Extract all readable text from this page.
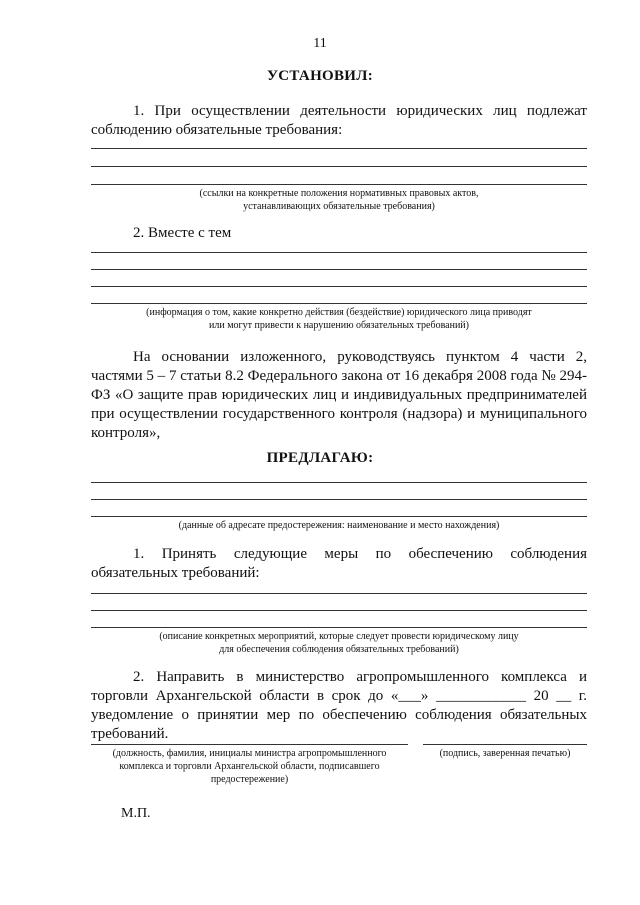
11
УСТАНОВИЛ:
1. При осуществлении деятельности юридических лиц подлежат соблюдению обязательные требования:
(ссылки на конкретные положения нормативных правовых актов,
устанавливающих обязательные требования)
2. Вместе с тем
(информация о том, какие конкретно действия (бездействие) юридического лица приводят
или могут привести к нарушению обязательных требований)
На основании изложенного, руководствуясь пунктом 4 части 2, частями 5 – 7 статьи 8.2 Федерального закона от 16 декабря 2008 года № 294-ФЗ «О защите прав юридических лиц и индивидуальных предпринимателей при осуществлении государственного контроля (надзора) и муниципального контроля»,
ПРЕДЛАГАЮ:
(данные об адресате предостережения: наименование и место нахождения)
1. Принять следующие меры по обеспечению соблюдения обязательных требований:
(описание конкретных мероприятий, которые следует провести юридическому лицу
для обеспечения соблюдения обязательных требований)
2. Направить в министерство агропромышленного комплекса и торговли Архангельской области в срок до «___» ____________ 20 __ г. уведомление о принятии мер по обеспечению соблюдения обязательных требований.
(должность, фамилия, инициалы министра агропромышленного
комплекса и торговли Архангельской области, подписавшего
предостережение)
(подпись, заверенная печатью)
М.П.
